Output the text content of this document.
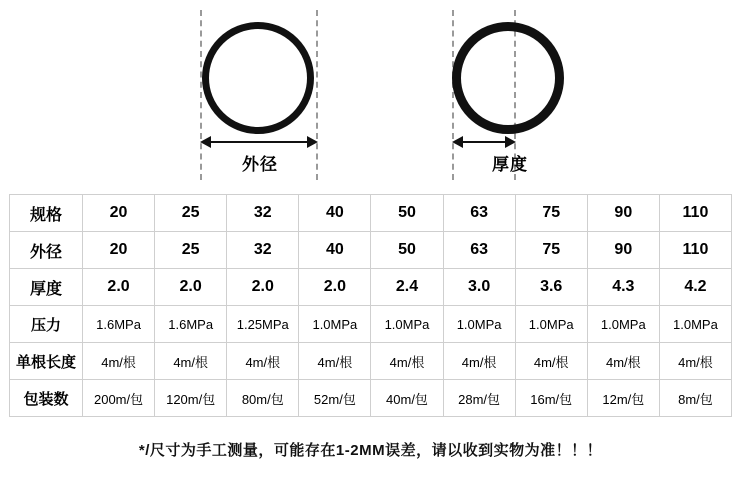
外径	厚度
规格	20	25	32	40	50	63	75	90	110
外径	20	25	32	40	50	63	75	90	110
厚度	2.0	2.0	2.0	2.0	2.4	3.0	3.6	4.3	4.2
压力	1.6MPa	1.6MPa	1.25MPa	1.0MPa	1.0MPa	1.0MPa	1.0MPa	1.0MPa	1.0MPa
单根长度	4m/根	4m/根	4m/根	4m/根	4m/根	4m/根	4m/根	4m/根	4m/根
包装数	200m/包	120m/包	80m/包	52m/包	40m/包	28m/包	16m/包	12m/包	8m/包
*/尺寸为手工测量，可能存在1-2MM误差，请以收到实物为准！！！
